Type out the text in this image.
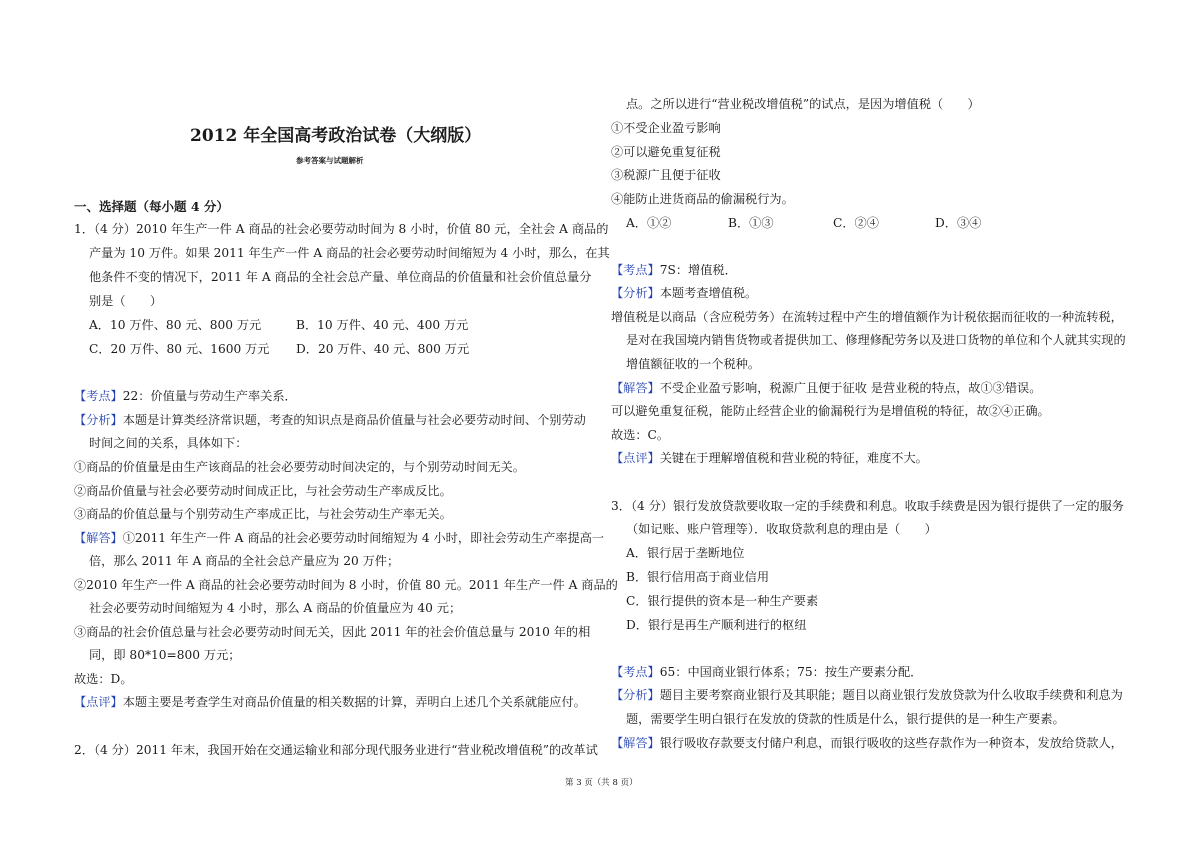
2012 年全国高考政治试卷（大纲版）
参考答案与试题解析
一、选择题（每小题 4 分）
1．（4 分）2010 年生产一件 A 商品的社会必要劳动时间为 8 小时，价值 80 元，全社会 A 商品的
产量为 10 万件。如果 2011 年生产一件 A 商品的社会必要劳动时间缩短为 4 小时，那么，在其
他条件不变的情况下，2011 年 A 商品的全社会总产量、单位商品的价值量和社会价值总量分
别是（　　）
A．10 万件、80 元、800 万元	B．10 万件、40 元、400 万元
C．20 万件、80 元、1600 万元 D．20 万件、40 元、800 万元
【考点】22：价值量与劳动生产率关系．
【分析】本题是计算类经济常识题，考查的知识点是商品价值量与社会必要劳动时间、个别劳动
时间之间的关系，具体如下：
①商品的价值量是由生产该商品的社会必要劳动时间决定的，与个别劳动时间无关。
②商品价值量与社会必要劳动时间成正比，与社会劳动生产率成反比。
③商品的价值总量与个别劳动生产率成正比，与社会劳动生产率无关。
【解答】①2011 年生产一件 A 商品的社会必要劳动时间缩短为 4 小时，即社会劳动生产率提高一
倍，那么 2011 年 A 商品的全社会总产量应为 20 万件；
②2010 年生产一件 A 商品的社会必要劳动时间为 8 小时，价值 80 元。2011 年生产一件 A 商品的
社会必要劳动时间缩短为 4 小时，那么 A 商品的价值量应为 40 元；
③商品的社会价值总量与社会必要劳动时间无关，因此 2011 年的社会价值总量与 2010 年的相
同，即 80*10=800 万元；
故选：D。
【点评】本题主要是考查学生对商品价值量的相关数据的计算，弄明白上述几个关系就能应付。
2．（4 分）2011 年末，我国开始在交通运输业和部分现代服务业进行“营业税改增值税”的改革试
点。之所以进行“营业税改增值税”的试点，是因为增值税（　　）
①不受企业盈亏影响
②可以避免重复征税
③税源广且便于征收
④能防止进货商品的偷漏税行为。
A．①②	B．①③	C．②④	D．③④
【考点】7S：增值税．
【分析】本题考查增值税。
增值税是以商品（含应税劳务）在流转过程中产生的增值额作为计税依据而征收的一种流转税，
是对在我国境内销售货物或者提供加工、修理修配劳务以及进口货物的单位和个人就其实现的
增值额征收的一个税种。
【解答】不受企业盈亏影响，税源广且便于征收 是营业税的特点，故①③错误。
可以避免重复征税，能防止经营企业的偷漏税行为是增值税的特征，故②④正确。
故选：C。
【点评】关键在于理解增值税和营业税的特征，难度不大。
3．（4 分）银行发放贷款要收取一定的手续费和利息。收取手续费是因为银行提供了一定的服务
（如记账、账户管理等）．收取贷款利息的理由是（　　）
A．银行居于垄断地位
B．银行信用高于商业信用
C．银行提供的资本是一种生产要素
D．银行是再生产顺利进行的枢纽
【考点】65：中国商业银行体系；75：按生产要素分配．
【分析】题目主要考察商业银行及其职能；题目以商业银行发放贷款为什么收取手续费和利息为
题，需要学生明白银行在发放的贷款的性质是什么，银行提供的是一种生产要素。
【解答】银行吸收存款要支付储户利息，而银行吸收的这些存款作为一种资本，发放给贷款人，
第 3 页（共 8 页）
